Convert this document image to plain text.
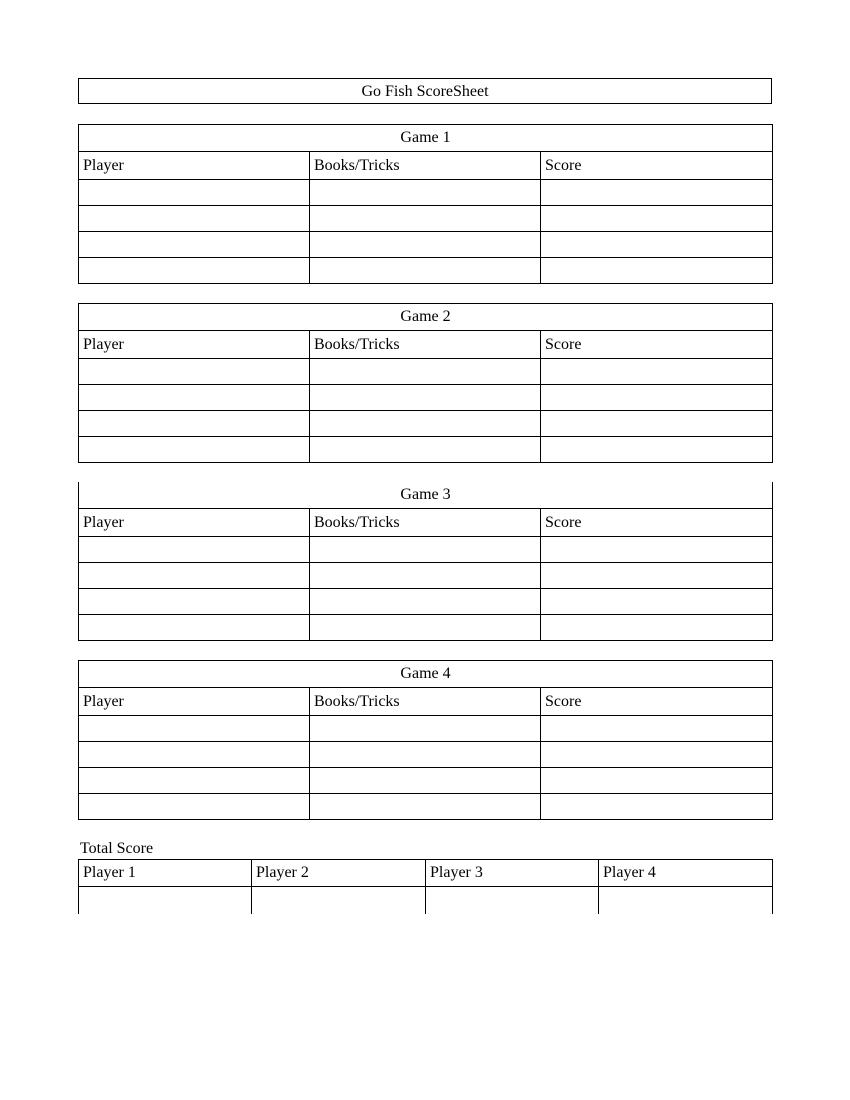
Go Fish ScoreSheet
Game 1		
Player	Books/Tricks	Score

Game 2		
Player	Books/Tricks	Score

Game 3		
Player	Books/Tricks	Score

Game 4		
Player	Books/Tricks	Score

Total Score
Player 1	Player 2	Player 3	Player 4
